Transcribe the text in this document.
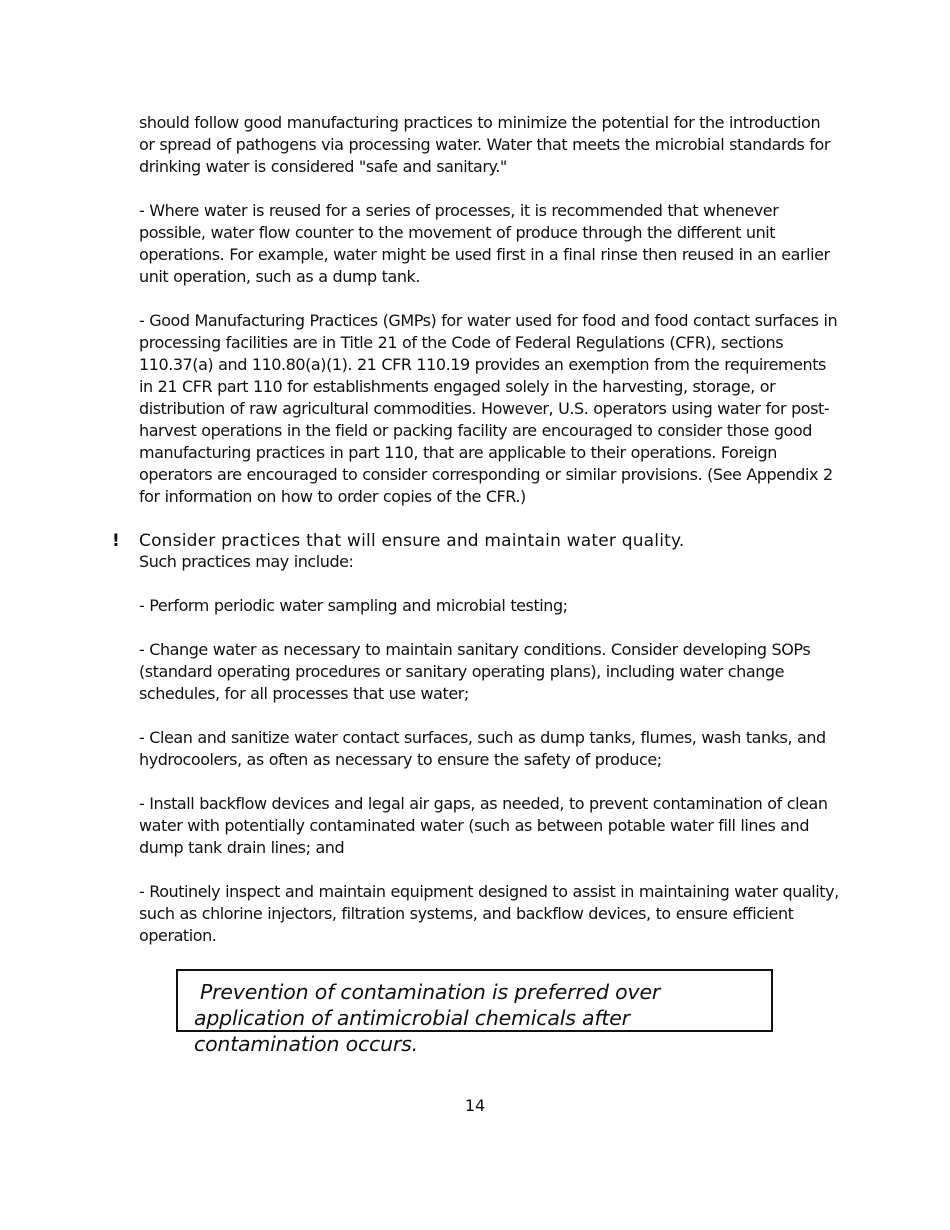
should follow good manufacturing practices to minimize the potential for the introduction or spread of pathogens via processing water. Water that meets the microbial standards for drinking water is considered "safe and sanitary."

- Where water is reused for a series of processes, it is recommended that whenever possible, water flow counter to the movement of produce through the different unit operations. For example, water might be used first in a final rinse then reused in an earlier unit operation, such as a dump tank.

- Good Manufacturing Practices (GMPs) for water used for food and food contact surfaces in processing facilities are in Title 21 of the Code of Federal Regulations (CFR), sections 110.37(a) and 110.80(a)(1). 21 CFR 110.19 provides an exemption from the requirements in 21 CFR part 110 for establishments engaged solely in the harvesting, storage, or distribution of raw agricultural commodities. However, U.S. operators using water for post-harvest operations in the field or packing facility are encouraged to consider those good manufacturing practices in part 110, that are applicable to their operations. Foreign operators are encouraged to consider corresponding or similar provisions. (See Appendix 2 for information on how to order copies of the CFR.)

! Consider practices that will ensure and maintain water quality.

Such practices may include:

- Perform periodic water sampling and microbial testing;

- Change water as necessary to maintain sanitary conditions. Consider developing SOPs (standard operating procedures or sanitary operating plans), including water change schedules, for all processes that use water;

- Clean and sanitize water contact surfaces, such as dump tanks, flumes, wash tanks, and hydrocoolers, as often as necessary to ensure the safety of produce;

- Install backflow devices and legal air gaps, as needed, to prevent contamination of clean water with potentially contaminated water (such as between potable water fill lines and dump tank drain lines; and

- Routinely inspect and maintain equipment designed to assist in maintaining water quality, such as chlorine injectors, filtration systems, and backflow devices, to ensure efficient operation.

Prevention of contamination is preferred over application of antimicrobial chemicals after contamination occurs.

14
